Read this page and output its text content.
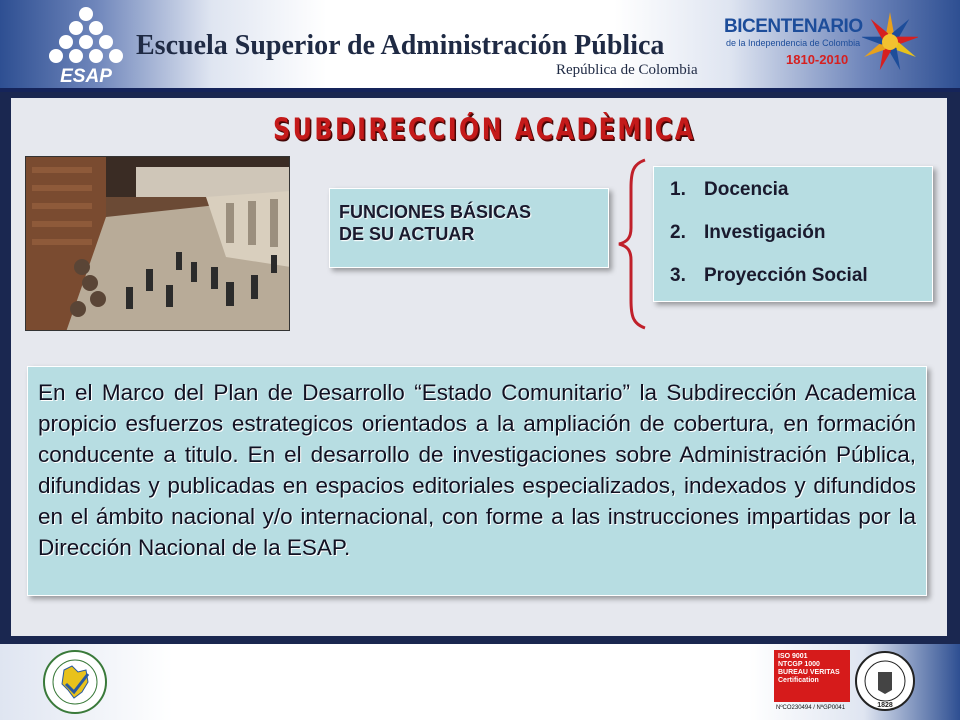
ESAP
Escuela Superior de Administración Pública
República de Colombia
BICENTENARIO
de la Independencia de Colombia
1810-2010
SUBDIRECCIÓN ACADÈMICA
FUNCIONES BÁSICAS
DE SU ACTUAR
1. Docencia
2. Investigación
3. Proyección Social

En el Marco del Plan de Desarrollo “Estado Comunitario” la Subdirección Academica propicio esfuerzos estrategicos orientados a la ampliación de cobertura, en formación conducente a titulo. En el desarrollo de investigaciones sobre Administración Pública, difundidas y publicadas en espacios editoriales especializados, indexados y difundidos en el ámbito nacional y/o internacional, con forme a las instrucciones impartidas por la Dirección Nacional de la ESAP.

ISO 9001
NTCGP 1000
BUREAU VERITAS
Certification
NºCO230494 / NºGP0041	1828
